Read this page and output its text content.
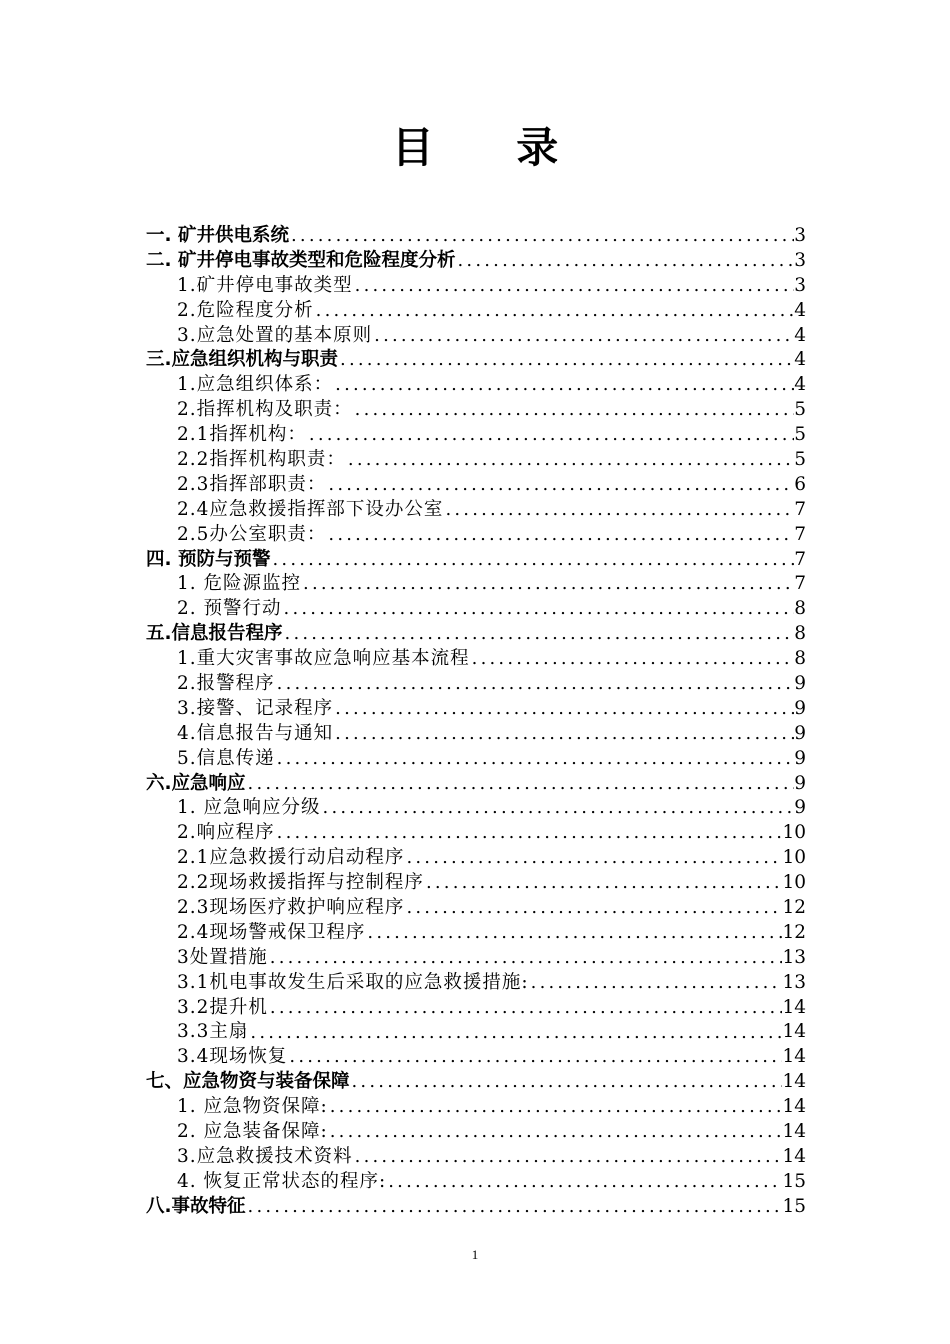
目 录
一. 矿井供电系统 .....	3
二. 矿井停电事故类型和危险程度分析 .....	3
1.矿井停电事故类型 .....	3
2.危险程度分析 .....	4
3.应急处置的基本原则 .....	4
三.应急组织机构与职责 .....	4
1.应急组织体系： .....	4
2.指挥机构及职责： .....	5
2.1指挥机构： .....	5
2.2指挥机构职责： .....	5
2.3指挥部职责： .....	6
2.4应急救援指挥部下设办公室 .....	7
2.5办公室职责： .....	7
四. 预防与预警 .....	7
1. 危险源监控 .....	7
2. 预警行动 .....	8
五.信息报告程序 .....	8
1.重大灾害事故应急响应基本流程 .....	8
2.报警程序 .....	9
3.接警、记录程序 .....	9
4.信息报告与通知 .....	9
5.信息传递 .....	9
六.应急响应 .....	9
1. 应急响应分级 .....	9
2.响应程序 .....	10
2.1应急救援行动启动程序 .....	10
2.2现场救援指挥与控制程序 .....	10
2.3现场医疗救护响应程序 .....	12
2.4现场警戒保卫程序 .....	12
3处置措施 .....	13
3.1机电事故发生后采取的应急救援措施: .....	13
3.2提升机 .....	14
3.3主扇 .....	14
3.4现场恢复 .....	14
七、应急物资与装备保障 .....	14
1. 应急物资保障: .....	14
2. 应急装备保障: .....	14
3.应急救援技术资料 .....	14
4. 恢复正常状态的程序: .....	15
八.事故特征 .....	15
1
